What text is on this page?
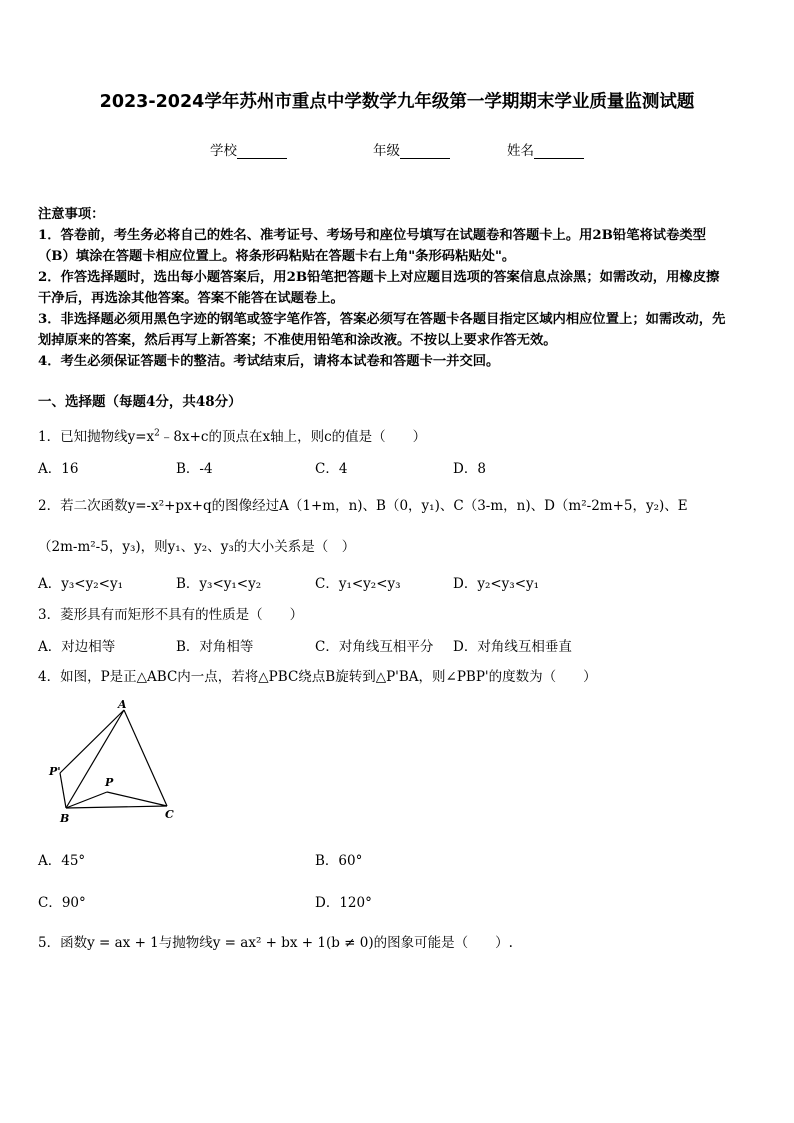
2023-2024学年苏州市重点中学数学九年级第一学期期末学业质量监测试题
学校	年级	姓名
注意事项：
1．答卷前，考生务必将自己的姓名、准考证号、考场号和座位号填写在试题卷和答题卡上。用2B铅笔将试卷类型
（B）填涂在答题卡相应位置上。将条形码粘贴在答题卡右上角"条形码粘贴处"。
2．作答选择题时，选出每小题答案后，用2B铅笔把答题卡上对应题目选项的答案信息点涂黑；如需改动，用橡皮擦
干净后，再选涂其他答案。答案不能答在试题卷上。
3．非选择题必须用黑色字迹的钢笔或签字笔作答，答案必须写在答题卡各题目指定区域内相应位置上；如需改动，先
划掉原来的答案，然后再写上新答案；不准使用铅笔和涂改液。不按以上要求作答无效。
4．考生必须保证答题卡的整洁。考试结束后，请将本试卷和答题卡一并交回。
一、选择题（每题4分，共48分）
1．已知抛物线$y=x^2﹣8x+c$的顶点在x轴上，则c的值是（　　）
A．16	B．-4	C．4	D．8
2．若二次函数y=-x²+px+q的图像经过A（1+m，n)、B（0，y₁)、C（3-m，n)、D（m²-2m+5，y₂)、E
（2m-m²-5，y₃)，则y₁、y₂、y₃的大小关系是（　）
A．y₃<y₂<y₁	B．y₃<y₁<y₂	C．y₁<y₂<y₃	D．y₂<y₃<y₁
3．菱形具有而矩形不具有的性质是（　　）
A．对边相等	B．对角相等	C．对角线互相平分 D．对角线互相垂直
4．如图，P是正△ABC内一点，若将△PBC绕点B旋转到△P'BA，则∠PBP'的度数为（　　）
A
P'
P
B	C
A．45°	B．60°
C．90°	D．120°
5．函数y = ax + 1与抛物线y = ax² + bx + 1(b ≠ 0)的图象可能是（　　）.
